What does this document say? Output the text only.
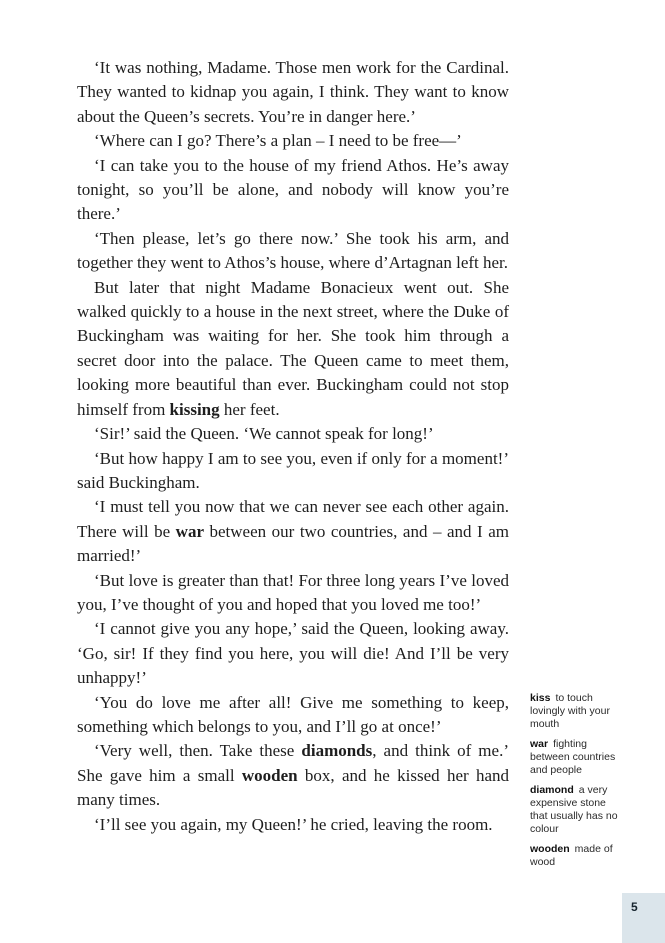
‘It was nothing, Madame. Those men work for the Cardinal. They wanted to kidnap you again, I think. They want to know about the Queen’s secrets. You’re in danger here.’

‘Where can I go? There’s a plan – I need to be free—’

‘I can take you to the house of my friend Athos. He’s away tonight, so you’ll be alone, and nobody will know you’re there.’

‘Then please, let’s go there now.’ She took his arm, and together they went to Athos’s house, where d’Artagnan left her.

But later that night Madame Bonacieux went out. She walked quickly to a house in the next street, where the Duke of Buckingham was waiting for her. She took him through a secret door into the palace. The Queen came to meet them, looking more beautiful than ever. Buckingham could not stop himself from kissing her feet.

‘Sir!’ said the Queen. ‘We cannot speak for long!’

‘But how happy I am to see you, even if only for a moment!’ said Buckingham.

‘I must tell you now that we can never see each other again. There will be war between our two countries, and – and I am married!’

‘But love is greater than that! For three long years I’ve loved you, I’ve thought of you and hoped that you loved me too!’

‘I cannot give you any hope,’ said the Queen, looking away. ‘Go, sir! If they find you here, you will die! And I’ll be very unhappy!’

‘You do love me after all! Give me something to keep, something which belongs to you, and I’ll go at once!’

‘Very well, then. Take these diamonds, and think of me.’ She gave him a small wooden box, and he kissed her hand many times.

‘I’ll see you again, my Queen!’ he cried, leaving the room.

kiss to touch lovingly with your mouth

war fighting between countries and people

diamond a very expensive stone that usually has no colour

wooden made of wood

5
